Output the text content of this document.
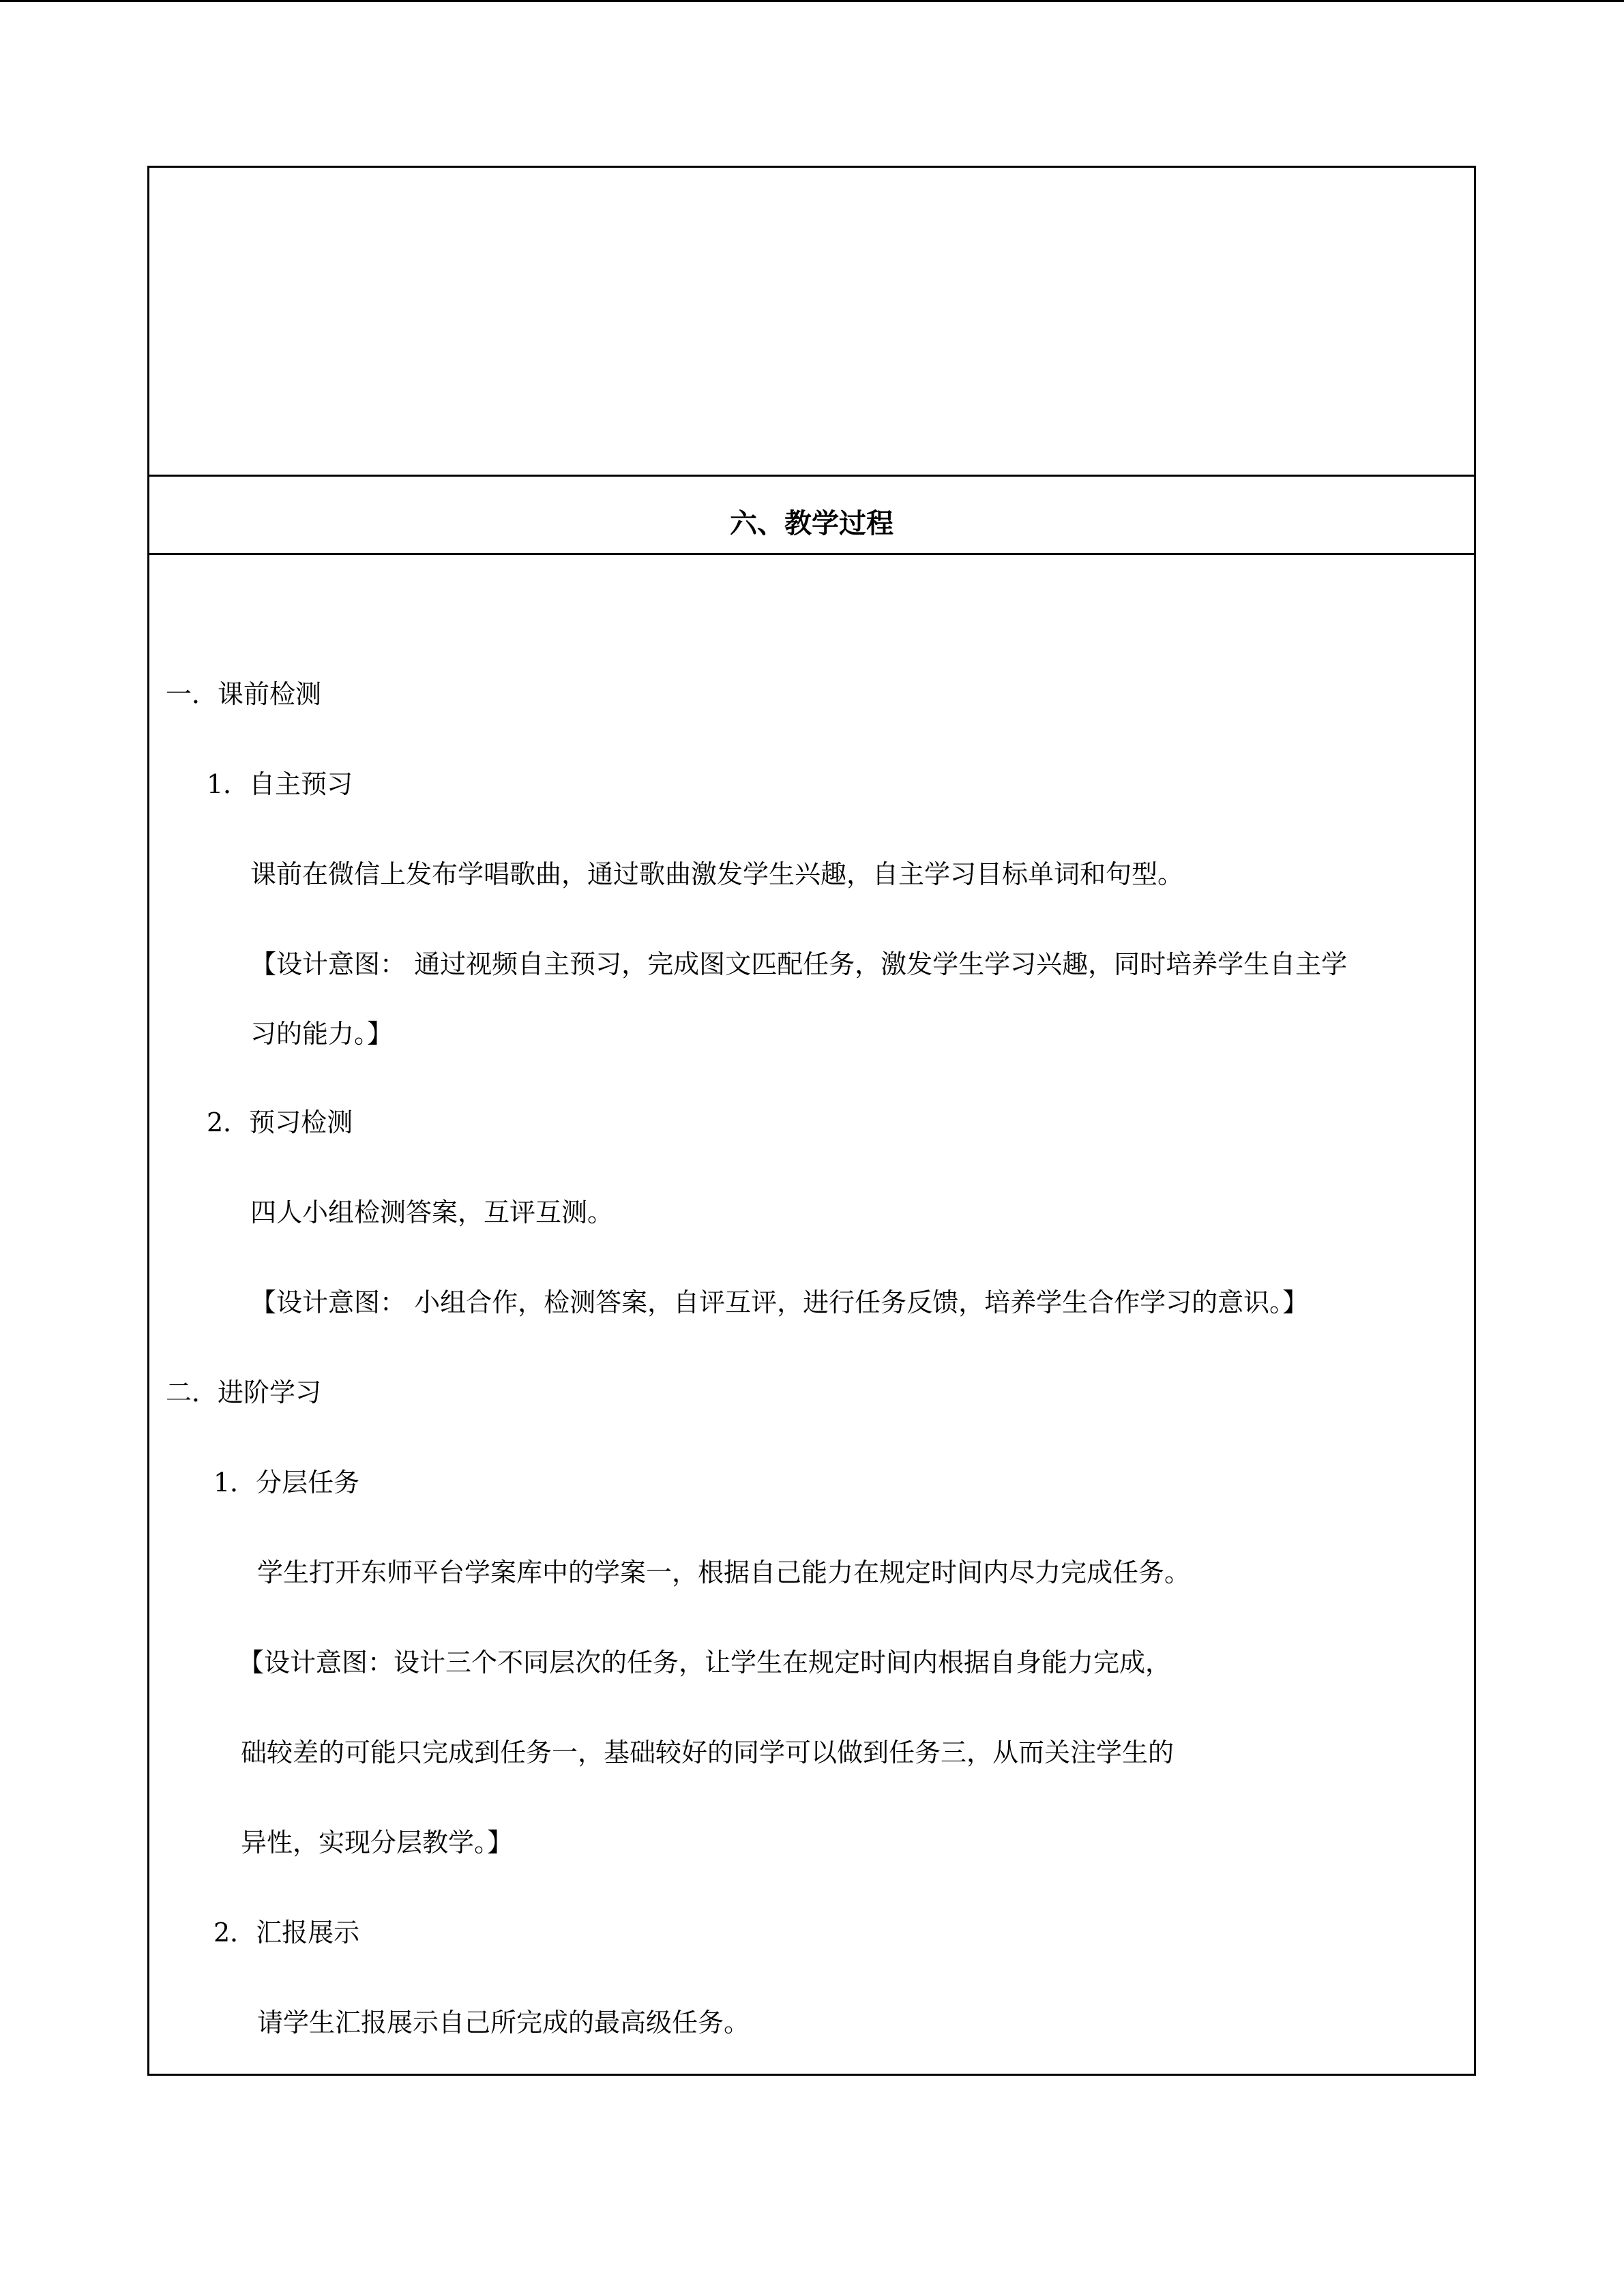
六、教学过程
一．课前检测
1．自主预习
课前在微信上发布学唱歌曲，通过歌曲激发学生兴趣，自主学习目标单词和句型。
【设计意图： 通过视频自主预习，完成图文匹配任务，激发学生学习兴趣，同时培养学生自主学
习的能力。】
2．预习检测
四人小组检测答案，互评互测。
【设计意图： 小组合作，检测答案，自评互评，进行任务反馈，培养学生合作学习的意识。】
二．进阶学习
1．分层任务
学生打开东师平台学案库中的学案一，根据自己能力在规定时间内尽力完成任务。
【设计意图：设计三个不同层次的任务，让学生在规定时间内根据自身能力完成，
础较差的可能只完成到任务一，基础较好的同学可以做到任务三，从而关注学生的
异性，实现分层教学。】
2．汇报展示
请学生汇报展示自己所完成的最高级任务。
